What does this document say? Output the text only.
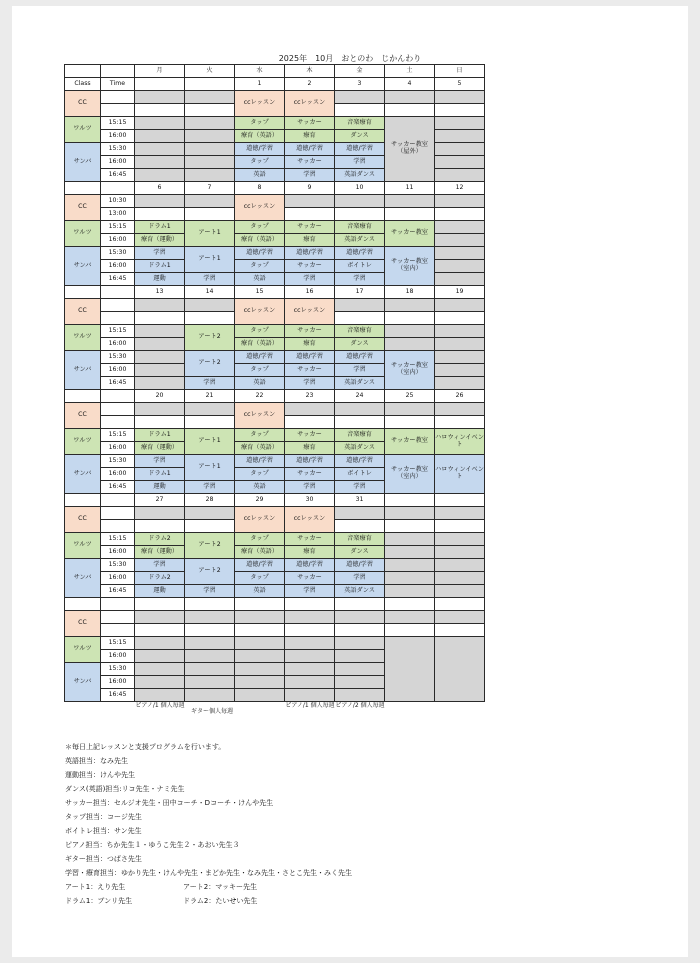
2025年　10月　おとのわ　じかんわり
		月	火	水	木	金	土	日
Class	Time			1	2	3	4	5
CC				ccレッスン	ccレッスン			

ワルツ	15:15			タップ	サッカー	音楽療育	サッカー教室（屋外）	
	16:00			療育（英語）	療育	ダンス		
サンバ	15:30			道徳/学習	道徳/学習	道徳/学習		
	16:00			タップ	サッカー	学習		
	16:45			英語	学習	英語ダンス		
		6	7	8	9	10	11	12
CC	10:30			ccレッスン				
	13:00							
ワルツ	15:15	ドラム1	アート1	タップ	サッカー	音楽療育	サッカー教室	
	16:00	療育（運動）		療育（英語）	療育	英語ダンス		
サンバ	15:30	学習	アート1	道徳/学習	道徳/学習	道徳/学習	サッカー教室（室内）	
	16:00	ドラム1		タップ	サッカー	ボイトレ		
	16:45	運動	学習	英語	学習	学習		
		13	14	15	16	17	18	19
CC				ccレッスン	ccレッスン			

ワルツ	15:15		アート2	タップ	サッカー	音楽療育		
	16:00			療育（英語）	療育	ダンス		
サンバ	15:30		アート2	道徳/学習	道徳/学習	道徳/学習	サッカー教室（室内）	
	16:00			タップ	サッカー	学習		
	16:45		学習	英語	学習	英語ダンス		
		20	21	22	23	24	25	26
CC				ccレッスン				

ワルツ	15:15	ドラム1	アート1	タップ	サッカー	音楽療育	サッカー教室	ハロウィンイベント
	16:00	療育（運動）		療育（英語）	療育	英語ダンス		
サンバ	15:30	学習	アート1	道徳/学習	道徳/学習	道徳/学習	サッカー教室（室内）	ハロウィンイベント
	16:00	ドラム1		タップ	サッカー	ボイトレ		
	16:45	運動	学習	英語	学習	学習		
		27	28	29	30	31		
CC				ccレッスン	ccレッスン			

ワルツ	15:15	ドラム2	アート2	タップ	サッカー	音楽療育		
	16:00	療育（運動）		療育（英語）	療育	ダンス		
サンバ	15:30	学習	アート2	道徳/学習	道徳/学習	道徳/学習		
	16:00	ドラム2		タップ	サッカー	学習		
	16:45	運動	学習	英語	学習	英語ダンス		

CC								

ワルツ	15:15							
	16:00							
サンバ	15:30							
	16:00							
	16:45							
ピアノ/1 個人毎週
ギター個人毎週
ピアノ/1 個人毎週 ピアノ/2 個人毎週
＊毎日上記レッスンと支援プログラムを行います。
英語担当：なみ先生
運動担当：けんや先生
ダンス(英語)担当:リコ先生・ナミ先生
サッカー担当：セルジオ先生・田中コーチ・Dコーチ・けんや先生
タップ担当：コージ先生
ボイトレ担当：サン先生
ピアノ担当：ちか先生１・ゆうこ先生２・あおい先生３
ギター担当：つばさ先生
学習・療育担当：ゆかり先生・けんや先生・まどか先生・なみ先生・さとこ先生・みく先生
アート1：えり先生	アート2：マッキー先生
ドラム1：ブンリ先生	ドラム2：たいせい先生
